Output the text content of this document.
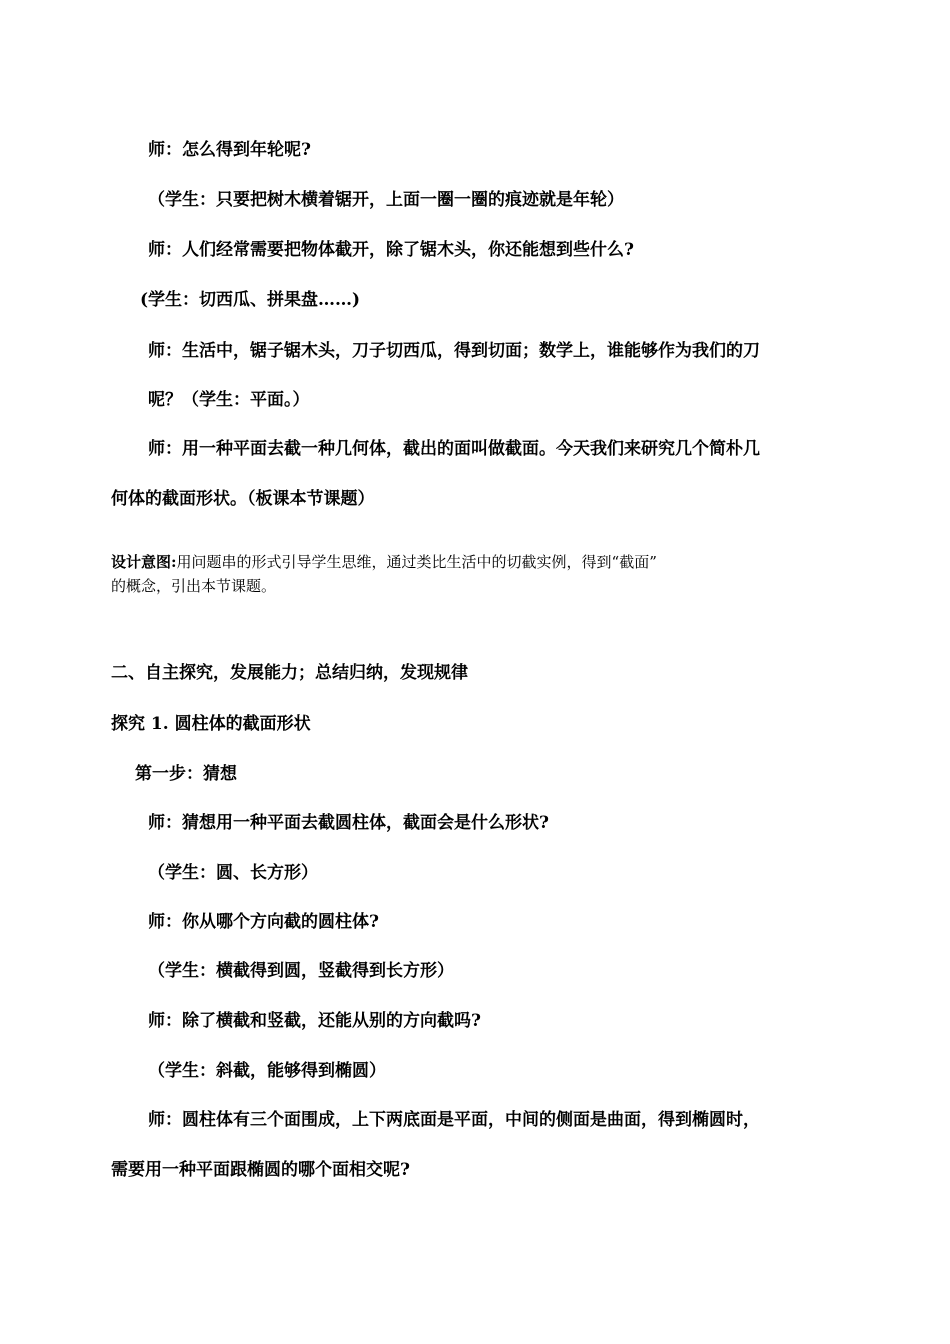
师：怎么得到年轮呢?
（学生：只要把树木横着锯开，上面一圈一圈的痕迹就是年轮）
师：人们经常需要把物体截开，除了锯木头，你还能想到些什么?
(学生：切西瓜、拼果盘……)
师：生活中，锯子锯木头，刀子切西瓜，得到切面；数学上，谁能够作为我们的刀
呢？（学生：平面。）
师：用一种平面去截一种几何体，截出的面叫做截面。今天我们来研究几个简朴几
何体的截面形状。（板课本节课题）
设计意图:用问题串的形式引导学生思维，通过类比生活中的切截实例，得到“截面”
的概念，引出本节课题。
二、自主探究，发展能力；总结归纳，发现规律
探究 1. 圆柱体的截面形状
第一步：猜想
师：猜想用一种平面去截圆柱体，截面会是什么形状?
（学生：圆、长方形）
师：你从哪个方向截的圆柱体?
（学生：横截得到圆，竖截得到长方形）
师：除了横截和竖截，还能从别的方向截吗?
（学生：斜截，能够得到椭圆）
师：圆柱体有三个面围成，上下两底面是平面，中间的侧面是曲面，得到椭圆时，
需要用一种平面跟椭圆的哪个面相交呢?
